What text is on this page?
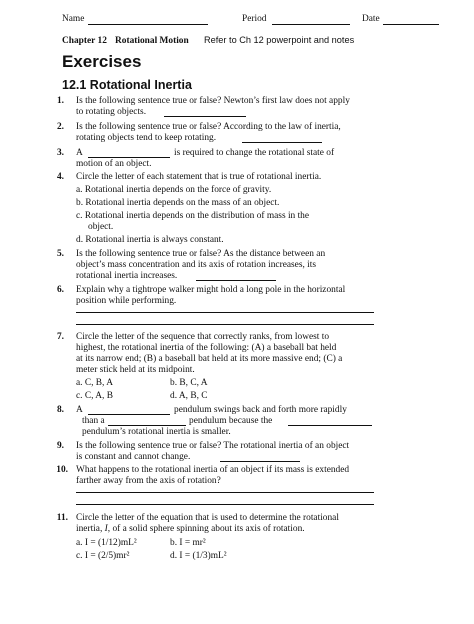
Name	Period	Date
Chapter 12 Rotational Motion Refer to Ch 12 powerpoint and notes
Exercises
12.1 Rotational Inertia
1. Is the following sentence true or false? Newton’s first law does not apply
to rotating objects.
2. Is the following sentence true or false? According to the law of inertia,
rotating objects tend to keep rotating.
3. A	is required to change the rotational state of
motion of an object.
4. Circle the letter of each statement that is true of rotational inertia.
a. Rotational inertia depends on the force of gravity.
b. Rotational inertia depends on the mass of an object.
c. Rotational inertia depends on the distribution of mass in the
object.
d. Rotational inertia is always constant.
5. Is the following sentence true or false? As the distance between an
object’s mass concentration and its axis of rotation increases, its
rotational inertia increases.
6. Explain why a tightrope walker might hold a long pole in the horizontal
position while performing.
7. Circle the letter of the sequence that correctly ranks, from lowest to
highest, the rotational inertia of the following: (A) a baseball bat held
at its narrow end; (B) a baseball bat held at its more massive end; (C) a
meter stick held at its midpoint.
a. C, B, A	b. B, C, A
c. C, A, B	d. A, B, C
8. A	pendulum swings back and forth more rapidly
than a	pendulum because the
pendulum’s rotational inertia is smaller.
9. Is the following sentence true or false? The rotational inertia of an object
is constant and cannot change.
10. What happens to the rotational inertia of an object if its mass is extended
farther away from the axis of rotation?
11. Circle the letter of the equation that is used to determine the rotational
inertia, I, of a solid sphere spinning about its axis of rotation.
a. I = (1/12)mL²	b. I = mr²
c. I = (2/5)mr²	d. I = (1/3)mL²
